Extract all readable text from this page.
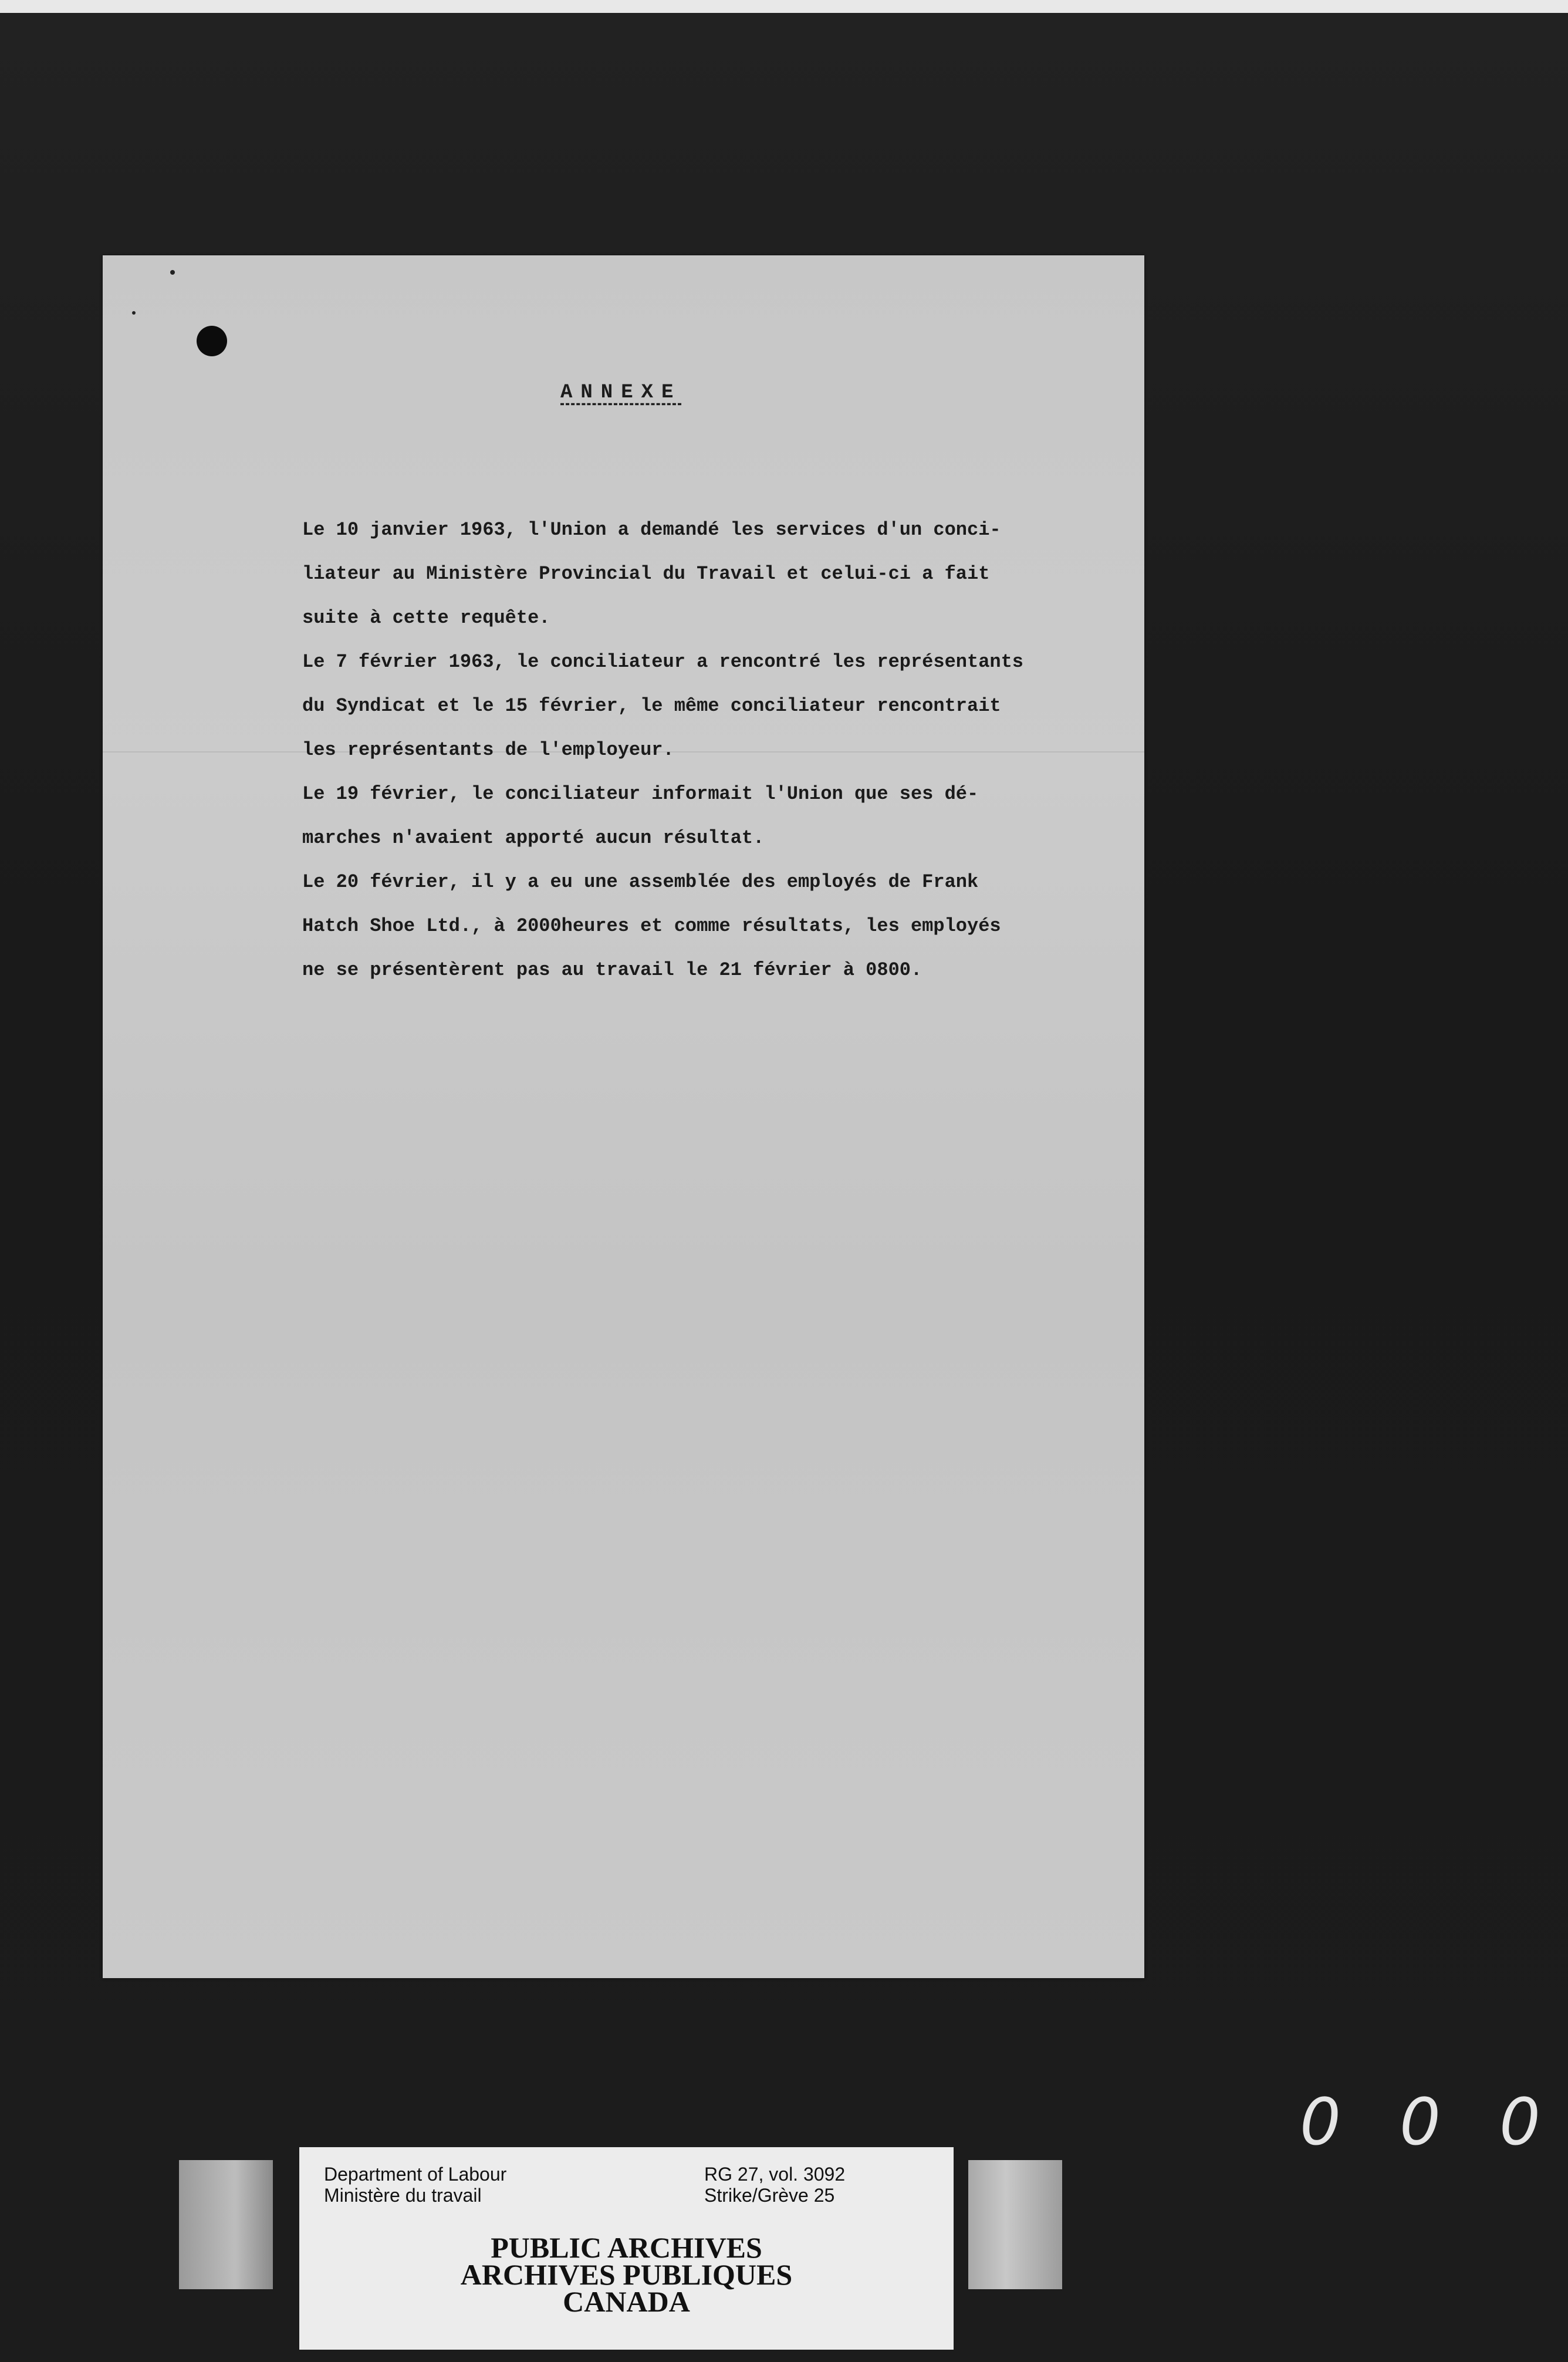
ANNEXE
Le 10 janvier 1963, l'Union a demandé les services d'un conci-
liateur au Ministère Provincial du Travail et celui-ci a fait
suite à cette requête.
Le 7 février 1963, le conciliateur a rencontré les représentants
du Syndicat et le 15 février, le même conciliateur rencontrait
les représentants de l'employeur.
Le 19 février, le conciliateur informait l'Union que ses dé-
marches n'avaient apporté aucun résultat.
Le 20 février, il y a eu une assemblée des employés de Frank
Hatch Shoe Ltd., à 2000heures et comme résultats, les employés
ne se présentèrent pas au travail le 21 février à 0800.
0 0 0
Department of Labour
Ministère du travail
RG 27, vol. 3092
Strike/Grève 25
PUBLIC ARCHIVES
ARCHIVES PUBLIQUES
CANADA
